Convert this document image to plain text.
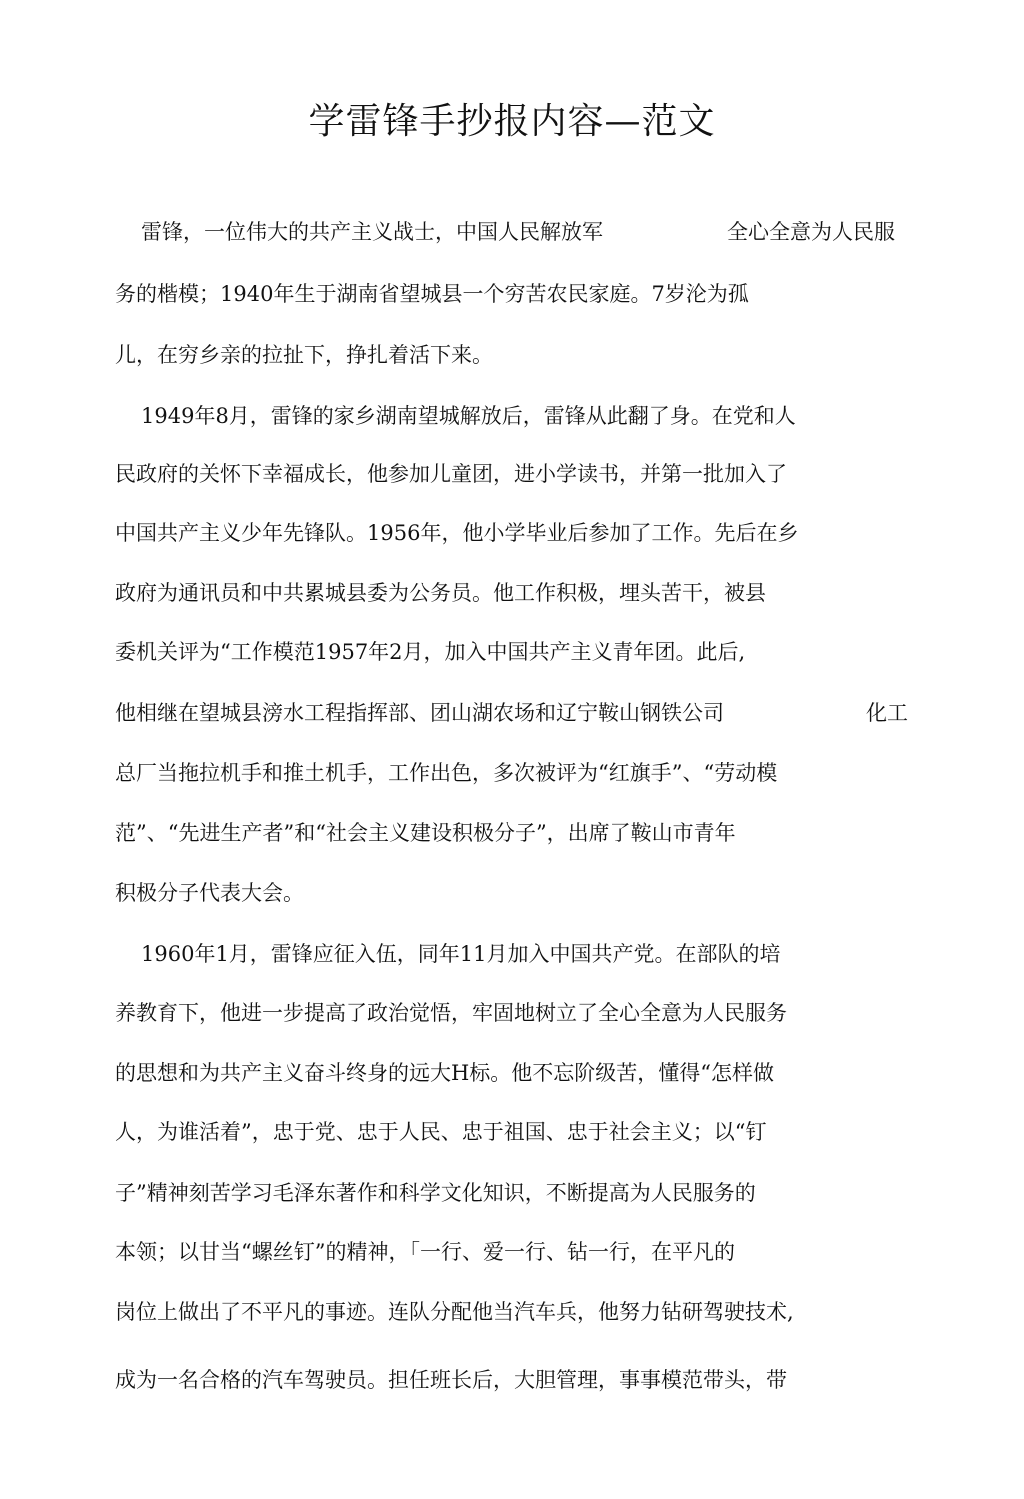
学雷锋手抄报内容—范文
雷锋，一位伟大的共产主义战士，中国人民解放军	全心全意为人民服
务的楷模；1940年生于湖南省望城县一个穷苦农民家庭。7岁沦为孤
儿，在穷乡亲的拉扯下，挣扎着活下来。
1949年8月，雷锋的家乡湖南望城解放后，雷锋从此翻了身。在党和人
民政府的关怀下幸福成长，他参加儿童团，进小学读书，并第一批加入了
中国共产主义少年先锋队。1956年，他小学毕业后参加了工作。先后在乡
政府为通讯员和中共累城县委为公务员。他工作积极，埋头苦干，被县
委机关评为“工作模范1957年2月，加入中国共产主义青年团。此后,
他相继在望城县滂水工程指挥部、团山湖农场和辽宁鞍山钢铁公司	化工
总厂当拖拉机手和推土机手，工作出色，多次被评为“红旗手”、“劳动模
范”、“先进生产者”和“社会主义建设积极分子”，出席了鞍山市青年
积极分子代表大会。
1960年1月，雷锋应征入伍，同年11月加入中国共产党。在部队的培
养教育下，他进一步提高了政治觉悟，牢固地树立了全心全意为人民服务
的思想和为共产主义奋斗终身的远大H标。他不忘阶级苦，懂得“怎样做
人，为谁活着”，忠于党、忠于人民、忠于祖国、忠于社会主义；以“钉
子”精神刻苦学习毛泽东著作和科学文化知识，不断提高为人民服务的
本领；以甘当“螺丝钉”的精神，「一行、爱一行、钻一行，在平凡的
岗位上做出了不平凡的事迹。连队分配他当汽车兵，他努力钻研驾驶技术,
成为一名合格的汽车驾驶员。担任班长后，大胆管理，事事模范带头，带
